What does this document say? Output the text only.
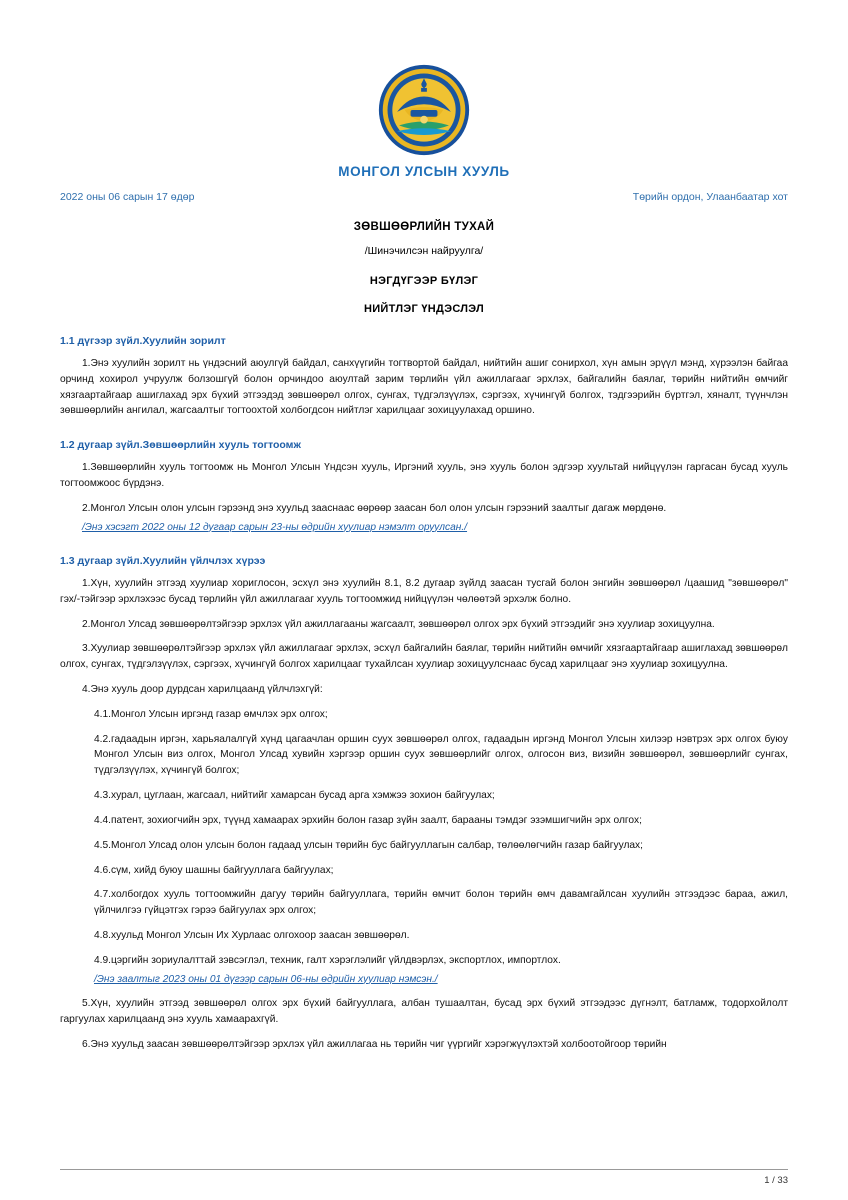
МОНГОЛ УЛСЫН ХУУЛЬ
2022 оны 06 сарын 17 өдөр	Төрийн ордон, Улаанбаатар хот
ЗӨВШӨӨРЛИЙН ТУХАЙ
/Шинэчилсэн найруулга/
НЭГДҮГЭЭР БҮЛЭГ
НИЙТЛЭГ ҮНДЭСЛЭЛ
1.1 дүгээр зүйл.Хуулийн зорилт

1.Энэ хуулийн зорилт нь үндэсний аюулгүй байдал, санхүүгийн тогтвортой байдал, нийтийн ашиг сонирхол, хүн амын эрүүл мэнд, хүрээлэн байгаа орчинд хохирол учруулж болзошгүй болон орчиндоо аюултай зарим төрлийн үйл ажиллагааг эрхлэх, байгалийн баялаг, төрийн нийтийн өмчийг хязгаартайгаар ашиглахад эрх бүхий этгээдэд зөвшөөрөл олгох, сунгах, түдгэлзүүлэх, сэргээх, хүчингүй болгох, тэдгээрийн бүртгэл, хяналт, түүнчлэн зөвшөөрлийн ангилал, жагсаалтыг тогтоохтой холбогдсон нийтлэг харилцааг зохицуулахад оршино.

1.2 дугаар зүйл.Зөвшөөрлийн хууль тогтоомж

1.Зөвшөөрлийн хууль тогтоомж нь Монгол Улсын Үндсэн хууль, Иргэний хууль, энэ хууль болон эдгээр хуультай нийцүүлэн гаргасан бусад хууль тогтоомжоос бүрдэнэ.

2.Монгол Улсын олон улсын гэрээнд энэ хуульд зааснаас өөрөөр заасан бол олон улсын гэрээний заалтыг дагаж мөрдөнө.

/Энэ хэсэгт 2022 оны 12 дугаар сарын 23-ны өдрийн хуулиар нэмэлт оруулсан./

1.3 дугаар зүйл.Хуулийн үйлчлэх хүрээ

1.Хүн, хуулийн этгээд хуулиар хориглосон, эсхүл энэ хуулийн 8.1, 8.2 дугаар зүйлд заасан тусгай болон энгийн зөвшөөрөл /цаашид "зөвшөөрөл" гэх/-тэйгээр эрхлэхээс бусад төрлийн үйл ажиллагааг хууль тогтоомжид нийцүүлэн чөлөөтэй эрхэлж болно.

2.Монгол Улсад зөвшөөрөлтэйгээр эрхлэх үйл ажиллагааны жагсаалт, зөвшөөрөл олгох эрх бүхий этгээдийг энэ хуулиар зохицуулна.

3.Хуулиар зөвшөөрөлтэйгээр эрхлэх үйл ажиллагааг эрхлэх, эсхүл байгалийн баялаг, төрийн нийтийн өмчийг хязгаартайгаар ашиглахад зөвшөөрөл олгох, сунгах, түдгэлзүүлэх, сэргээх, хүчингүй болгох харилцааг тухайлсан хуулиар зохицуулснаас бусад харилцааг энэ хуулиар зохицуулна.

4.Энэ хууль доор дурдсан харилцаанд үйлчлэхгүй:

4.1.Монгол Улсын иргэнд газар өмчлэх эрх олгох;

4.2.гадаадын иргэн, харьяалалгүй хүнд цагаачлан оршин суух зөвшөөрөл олгох, гадаадын иргэнд Монгол Улсын хилээр нэвтрэх эрх олгох буюу Монгол Улсын виз олгох, Монгол Улсад хувийн хэргээр оршин суух зөвшөөрлийг олгох, олгосон виз, визийн зөвшөөрөл, зөвшөөрлийг сунгах, түдгэлзүүлэх, хүчингүй болгох;

4.3.хурал, цуглаан, жагсаал, нийтийг хамарсан бусад арга хэмжээ зохион байгуулах;

4.4.патент, зохиогчийн эрх, түүнд хамаарах эрхийн болон газар зүйн заалт, барааны тэмдэг эзэмшигчийн эрх олгох;

4.5.Монгол Улсад олон улсын болон гадаад улсын төрийн бус байгууллагын салбар, төлөөлөгчийн газар байгуулах;

4.6.сүм, хийд буюу шашны байгууллага байгуулах;

4.7.холбогдох хууль тогтоомжийн дагуу төрийн байгууллага, төрийн өмчит болон төрийн өмч давамгайлсан хуулийн этгээдээс бараа, ажил, үйлчилгээ гүйцэтгэх гэрээ байгуулах эрх олгох;

4.8.хуульд Монгол Улсын Их Хурлаас олгохоор заасан зөвшөөрөл.

4.9.цэргийн зориулалттай зэвсэглэл, техник, галт хэрэглэлийг үйлдвэрлэх, экспортлох, импортлох.

/Энэ заалтыг 2023 оны 01 дүгээр сарын 06-ны өдрийн хуулиар нэмсэн./

5.Хүн, хуулийн этгээд зөвшөөрөл олгох эрх бүхий байгууллага, албан тушаалтан, бусад эрх бүхий этгээдээс дүгнэлт, батламж, тодорхойлолт гаргуулах харилцаанд энэ хууль хамаарахгүй.

6.Энэ хуульд заасан зөвшөөрөлтэйгээр эрхлэх үйл ажиллагаа нь төрийн чиг үүргийг хэрэгжүүлэхтэй холбоотойгоор төрийн

1 / 33
